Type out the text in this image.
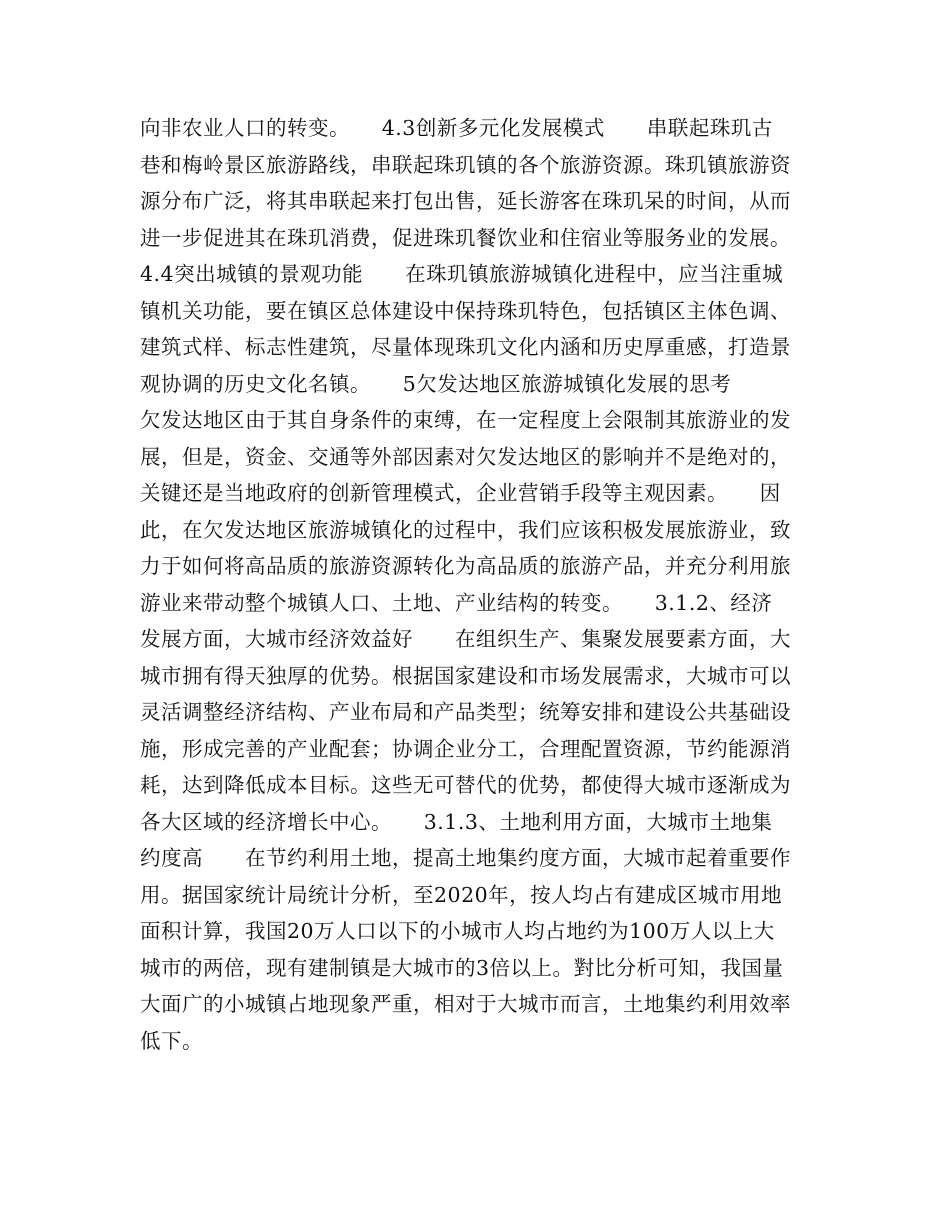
向非农业人口的转变。　　4.3创新多元化发展模式　　串联起珠玑古
巷和梅岭景区旅游路线，串联起珠玑镇的各个旅游资源。珠玑镇旅游资
源分布广泛，将其串联起来打包出售，延长游客在珠玑呆的时间，从而
进一步促进其在珠玑消费，促进珠玑餐饮业和住宿业等服务业的发展。
4.4突出城镇的景观功能　　在珠玑镇旅游城镇化进程中，应当注重城
镇机关功能，要在镇区总体建设中保持珠玑特色，包括镇区主体色调、
建筑式样、标志性建筑，尽量体现珠玑文化内涵和历史厚重感，打造景
观协调的历史文化名镇。　　5欠发达地区旅游城镇化发展的思考
欠发达地区由于其自身条件的束缚，在一定程度上会限制其旅游业的发
展，但是，资金、交通等外部因素对欠发达地区的影响并不是绝对的，
关键还是当地政府的创新管理模式，企业营销手段等主观因素。　　因
此，在欠发达地区旅游城镇化的过程中，我们应该积极发展旅游业，致
力于如何将高品质的旅游资源转化为高品质的旅游产品，并充分利用旅
游业来带动整个城镇人口、土地、产业结构的转变。　　3.1.2、经济
发展方面，大城市经济效益好　　在组织生产、集聚发展要素方面，大
城市拥有得天独厚的优势。根据国家建设和市场发展需求，大城市可以
灵活调整经济结构、产业布局和产品类型；统筹安排和建设公共基础设
施，形成完善的产业配套；协调企业分工，合理配置资源，节约能源消
耗，达到降低成本目标。这些无可替代的优势，都使得大城市逐渐成为
各大区域的经济增长中心。　　3.1.3、土地利用方面，大城市土地集
约度高　　在节约利用土地，提高土地集约度方面，大城市起着重要作
用。据国家统计局统计分析，至2020年，按人均占有建成区城市用地
面积计算，我国20万人口以下的小城市人均占地约为100万人以上大
城市的两倍，现有建制镇是大城市的3倍以上。對比分析可知，我国量
大面广的小城镇占地现象严重，相对于大城市而言，土地集约利用效率
低下。
